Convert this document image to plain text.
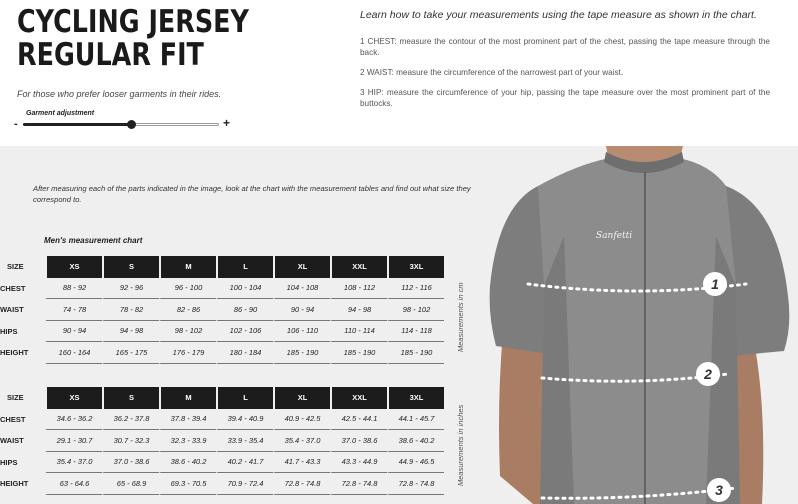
CYCLING JERSEY
REGULAR FIT
For those who prefer looser garments in their rides.
Garment adjustment
-	+
Learn how to take your measurements using the tape measure as shown in the chart.

1 CHEST: measure the contour of the most prominent part of the chest, passing the tape measure through the back.

2 WAIST: measure the circumference of the narrowest part of your waist.

3 HIP: measure the circumference of your hip, passing the tape measure over the most prominent part of the buttocks.

After measuring each of the parts indicated in the image, look at the chart with the measurement tables and find out what size they correspond to.
Men's measurement chart
SIZE	XS	S	M	L	XL	XXL	3XL
CHEST	88 - 92	92 - 96	96 - 100	100 - 104	104 - 108	108 - 112	112 - 116
WAIST	74 - 78	78 - 82	82 - 86	86 - 90	90 - 94	94 - 98	98 - 102
HIPS	90 - 94	94 - 98	98 - 102	102 - 106	106 - 110	110 - 114	114 - 118
HEIGHT	160 - 164	165 - 175	176 - 179	180 - 184	185 - 190	185 - 190	185 - 190
Measurements in cm
SIZE	XS	S	M	L	XL	XXL	3XL
CHEST	34.6 - 36.2	36.2 - 37.8	37.8 - 39.4	39.4 - 40.9	40.9 - 42.5	42.5 - 44.1	44.1 - 45.7
WAIST	29.1 - 30.7	30.7 - 32.3	32.3 - 33.9	33.9 - 35.4	35.4 - 37.0	37.0 - 38.6	38.6 - 40.2
HIPS	35.4 - 37.0	37.0 - 38.6	38.6 - 40.2	40.2 - 41.7	41.7 - 43.3	43.3 - 44.9	44.9 - 46.5
HEIGHT	63 - 64.6	65 - 68.9	69.3 - 70.5	70.9 - 72.4	72.8 - 74.8	72.8 - 74.8	72.8 - 74.8	Measurements in inches
Sanfetti
1
2
3
